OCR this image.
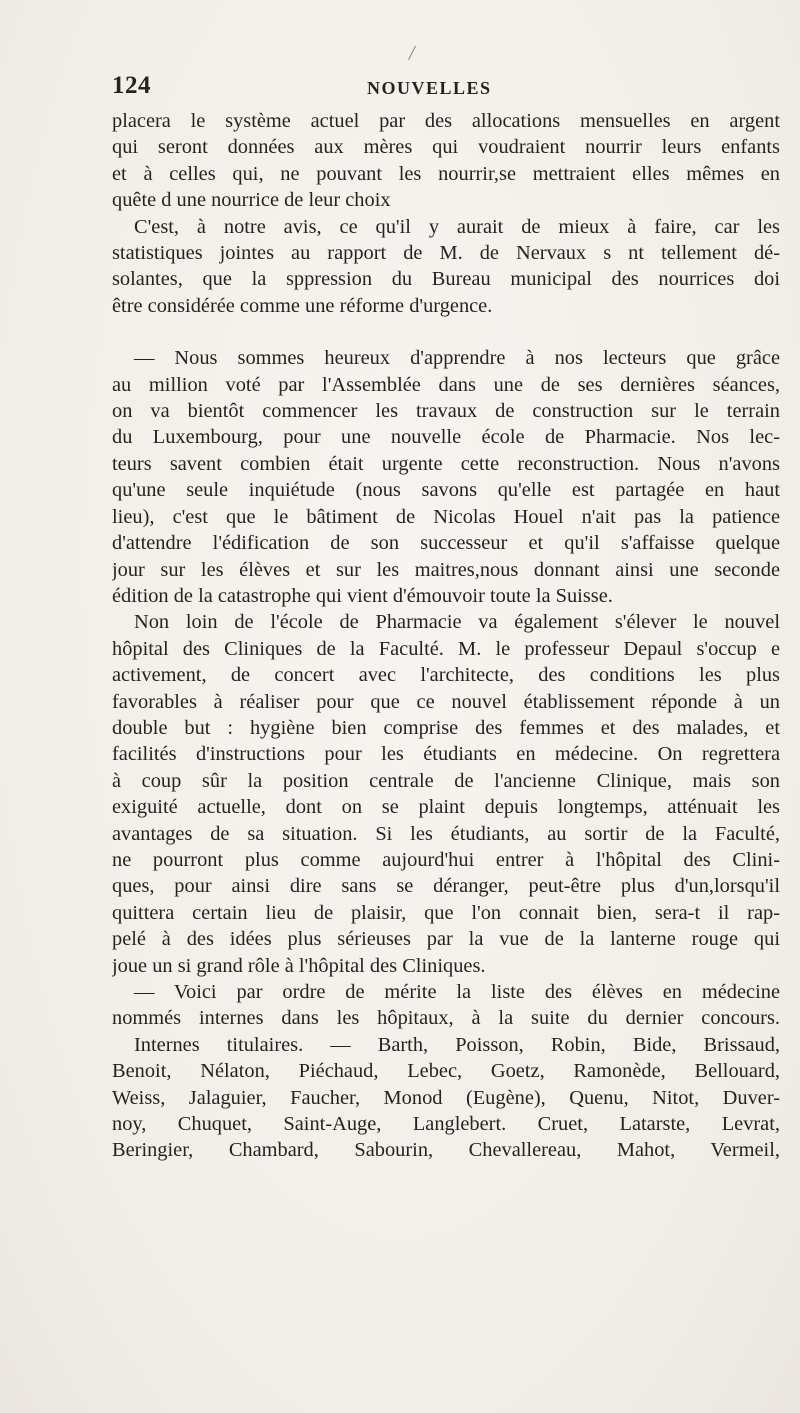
/
124	NOUVELLES
placera le système actuel par des allocations mensuelles en argent
qui seront données aux mères qui voudraient nourrir leurs enfants
et à celles qui, ne pouvant les nourrir,se mettraient elles mêmes en
quête d une nourrice de leur choix
C'est, à notre avis, ce qu'il y aurait de mieux à faire, car les
statistiques jointes au rapport de M. de Nervaux s nt tellement dé-
solantes, que la sppression du Bureau municipal des nourrices doi
être considérée comme une réforme d'urgence.
— Nous sommes heureux d'apprendre à nos lecteurs que grâce
au million voté par l'Assemblée dans une de ses dernières séances,
on va bientôt commencer les travaux de construction sur le terrain
du Luxembourg, pour une nouvelle école de Pharmacie. Nos lec-
teurs savent combien était urgente cette reconstruction. Nous n'avons
qu'une seule inquiétude (nous savons qu'elle est partagée en haut
lieu), c'est que le bâtiment de Nicolas Houel n'ait pas la patience
d'attendre l'édification de son successeur et qu'il s'affaisse quelque
jour sur les élèves et sur les maitres,nous donnant ainsi une seconde
édition de la catastrophe qui vient d'émouvoir toute la Suisse.
Non loin de l'école de Pharmacie va également s'élever le nouvel
hôpital des Cliniques de la Faculté. M. le professeur Depaul s'occup e
activement, de concert avec l'architecte, des conditions les plus
favorables à réaliser pour que ce nouvel établissement réponde à un
double but : hygiène bien comprise des femmes et des malades, et
facilités d'instructions pour les étudiants en médecine. On regrettera
à coup sûr la position centrale de l'ancienne Clinique, mais son
exiguité actuelle, dont on se plaint depuis longtemps, atténuait les
avantages de sa situation. Si les étudiants, au sortir de la Faculté,
ne pourront plus comme aujourd'hui entrer à l'hôpital des Clini-
ques, pour ainsi dire sans se déranger, peut-être plus d'un,lorsqu'il
quittera certain lieu de plaisir, que l'on connait bien, sera-t il rap-
pelé à des idées plus sérieuses par la vue de la lanterne rouge qui
joue un si grand rôle à l'hôpital des Cliniques.
— Voici par ordre de mérite la liste des élèves en médecine
nommés internes dans les hôpitaux, à la suite du dernier concours.
Internes titulaires. — Barth, Poisson, Robin, Bide, Brissaud,
Benoit, Nélaton, Piéchaud, Lebec, Goetz, Ramonède, Bellouard,
Weiss, Jalaguier, Faucher, Monod (Eugène), Quenu, Nitot, Duver-
noy, Chuquet, Saint-Auge, Langlebert. Cruet, Latarste, Levrat,
Beringier, Chambard, Sabourin, Chevallereau, Mahot, Vermeil,
